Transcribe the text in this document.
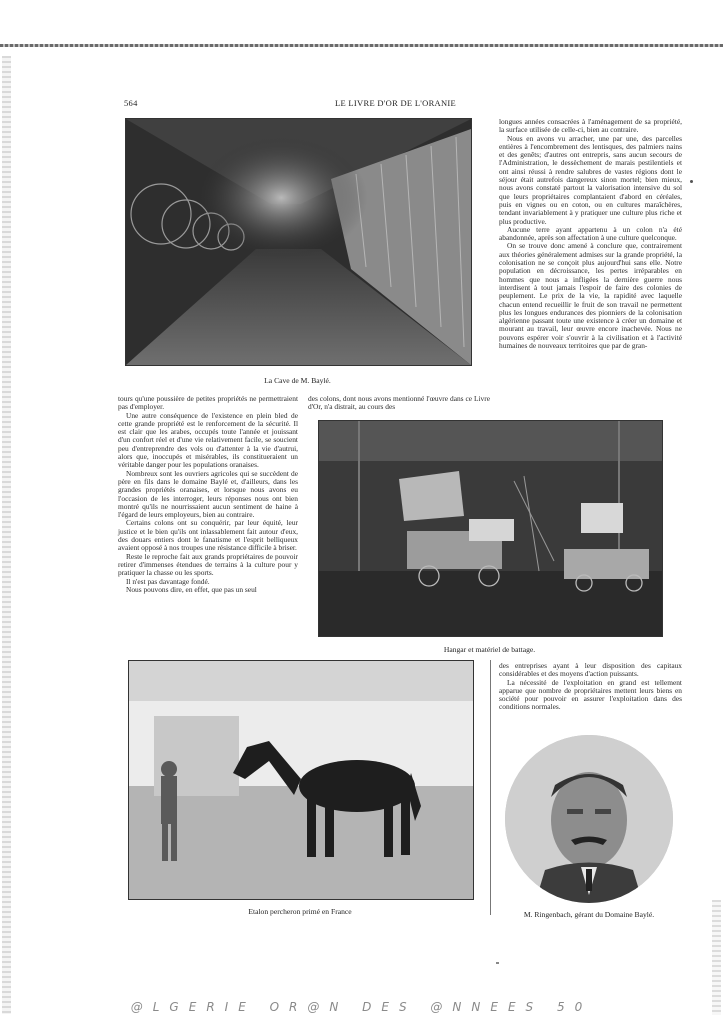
564	LE LIVRE D'OR DE L'ORANIE
La Cave de M. Baylé.

longues années consacrées à l'aménagement de sa propriété, la surface utilisée de celle-ci, bien au contraire.

Nous en avons vu arracher, une par une, des parcelles entières à l'encombrement des lentisques, des palmiers nains et des genêts; d'autres ont entrepris, sans aucun secours de l'Administration, le dessèchement de marais pestilentiels et ont ainsi réussi à rendre salubres de vastes régions dont le séjour était autrefois dangereux sinon mortel; bien mieux, nous avons constaté partout la valorisation intensive du sol que leurs propriétaires complantaient d'abord en céréales, puis en vignes ou en coton, ou en cultures maraîchères, tendant invariablement à y pratiquer une culture plus riche et plus productive.

Aucune terre ayant appartenu à un colon n'a été abandonnée, après son affectation à une culture quelconque.

On se trouve donc amené à conclure que, contrairement aux théories généralement admises sur la grande propriété, la colonisation ne se conçoit plus aujourd'hui sans elle. Notre population en décroissance, les pertes irréparables en hommes que nous a infligées la dernière guerre nous interdisent à tout jamais l'espoir de faire des colonies de peuplement. Le prix de la vie, la rapidité avec laquelle chacun entend recueillir le fruit de son travail ne permettent plus les longues endurances des pionniers de la colonisation algérienne passant toute une existence à créer un domaine et mourant au travail, leur œuvre encore inachevée. Nous ne pouvons espérer voir s'ouvrir à la civilisation et à l'activité humaines de nouveaux territoires que par de gran-

tours qu'une poussière de petites propriétés ne permettraient pas d'employer.

Une autre conséquence de l'existence en plein bled de cette grande propriété est le renforcement de la sécurité. Il est clair que les arabes, occupés toute l'année et jouissant d'un confort réel et d'une vie relativement facile, se soucient peu d'entreprendre des vols ou d'attenter à la vie d'autrui, alors que, inoccupés et misérables, ils constitueraient un véritable danger pour les populations oranaises.

Nombreux sont les ouvriers agricoles qui se succèdent de père en fils dans le domaine Baylé et, d'ailleurs, dans les grandes propriétés oranaises, et lorsque nous avons eu l'occasion de les interroger, leurs réponses nous ont bien montré qu'ils ne nourrissaient aucun sentiment de haine à l'égard de leurs employeurs, bien au contraire.

Certains colons ont su conquérir, par leur équité, leur justice et le bien qu'ils ont inlassablement fait autour d'eux, des douars entiers dont le fanatisme et l'esprit belliqueux avaient opposé à nos troupes une résistance difficile à briser.

Reste le reproche fait aux grands propriétaires de pouvoir retirer d'immenses étendues de terrains à la culture pour y pratiquer la chasse ou les sports.

Il n'est pas davantage fondé.

Nous pouvons dire, en effet, que pas un seul

des colons, dont nous avons mentionné l'œuvre dans ce Livre d'Or, n'a distrait, au cours des

Hangar et matériel de battage.
Etalon percheron primé en France

des entreprises ayant à leur disposition des capitaux considérables et des moyens d'action puissants.

La nécessité de l'exploitation en grand est tellement apparue que nombre de propriétaires mettent leurs biens en société pour pouvoir en assurer l'exploitation dans des conditions normales.

M. Ringenbach, gérant du Domaine Baylé.
@LGERIE OR@N DES @NNEES 50
